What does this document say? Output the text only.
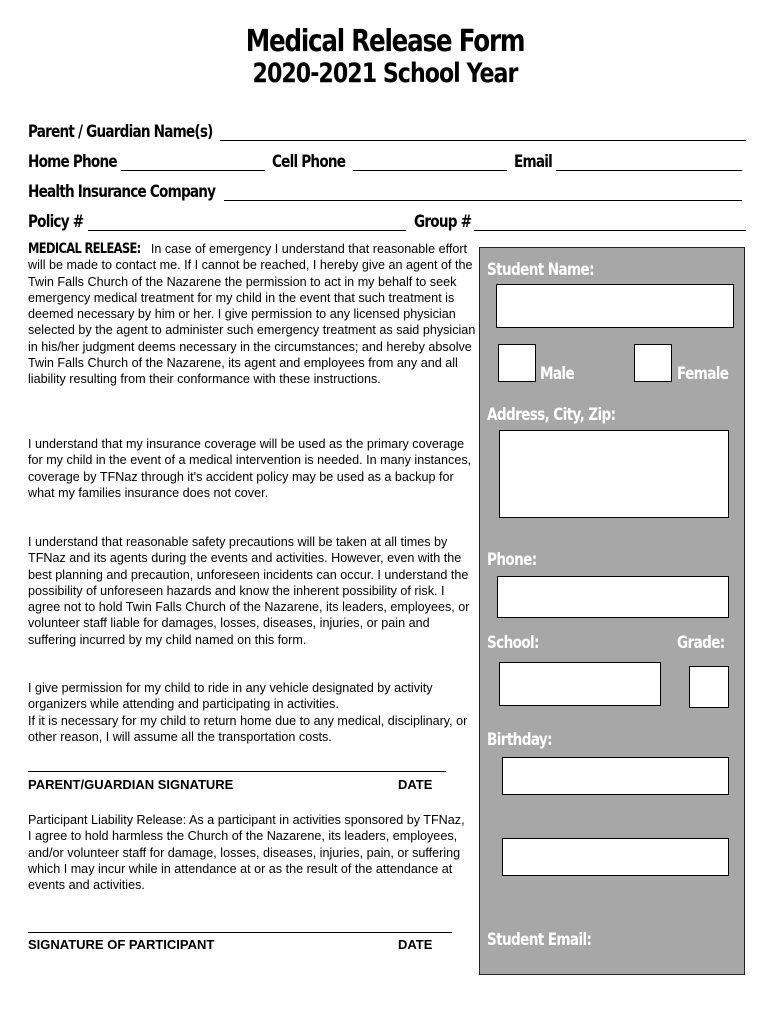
Medical Release Form
2020-2021 School Year
Parent / Guardian Name(s)
Home Phone	Cell Phone	Email
Health Insurance Company
Policy #	Group #

MEDICAL RELEASE: In case of emergency I understand that reasonable effort will be made to contact me. If I cannot be reached, I hereby give an agent of the Twin Falls Church of the Nazarene the permission to act in my behalf to seek emergency medical treatment for my child in the event that such treatment is deemed necessary by him or her. I give permission to any licensed physician selected by the agent to administer such emergency treatment as said physician in his/her judgment deems necessary in the circumstances; and hereby absolve Twin Falls Church of the Nazarene, its agent and employees from any and all liability resulting from their conformance with these instructions.

I understand that my insurance coverage will be used as the primary coverage for my child in the event of a medical intervention is needed. In many instances, coverage by TFNaz through it's accident policy may be used as a backup for what my families insurance does not cover.

I understand that reasonable safety precautions will be taken at all times by TFNaz and its agents during the events and activities. However, even with the best planning and precaution, unforeseen incidents can occur. I understand the possibility of unforeseen hazards and know the inherent possibility of risk. I agree not to hold Twin Falls Church of the Nazarene, its leaders, employees, or volunteer staff liable for damages, losses, diseases, injuries, or pain and suffering incurred by my child named on this form.

I give permission for my child to ride in any vehicle designated by activity organizers while attending and participating in activities.

If it is necessary for my child to return home due to any medical, disciplinary, or other reason, I will assume all the transportation costs.

PARENT/GUARDIAN SIGNATURE	DATE

Participant Liability Release: As a participant in activities sponsored by TFNaz, I agree to hold harmless the Church of the Nazarene, its leaders, employees, and/or volunteer staff for damage, losses, diseases, injuries, pain, or suffering which I may incur while in attendance at or as the result of the attendance at events and activities.

SIGNATURE OF PARTICIPANT	DATE
Student Name:
Male	Female
Address, City, Zip:
Phone:
School:	Grade:
Birthday:
Student Email:
